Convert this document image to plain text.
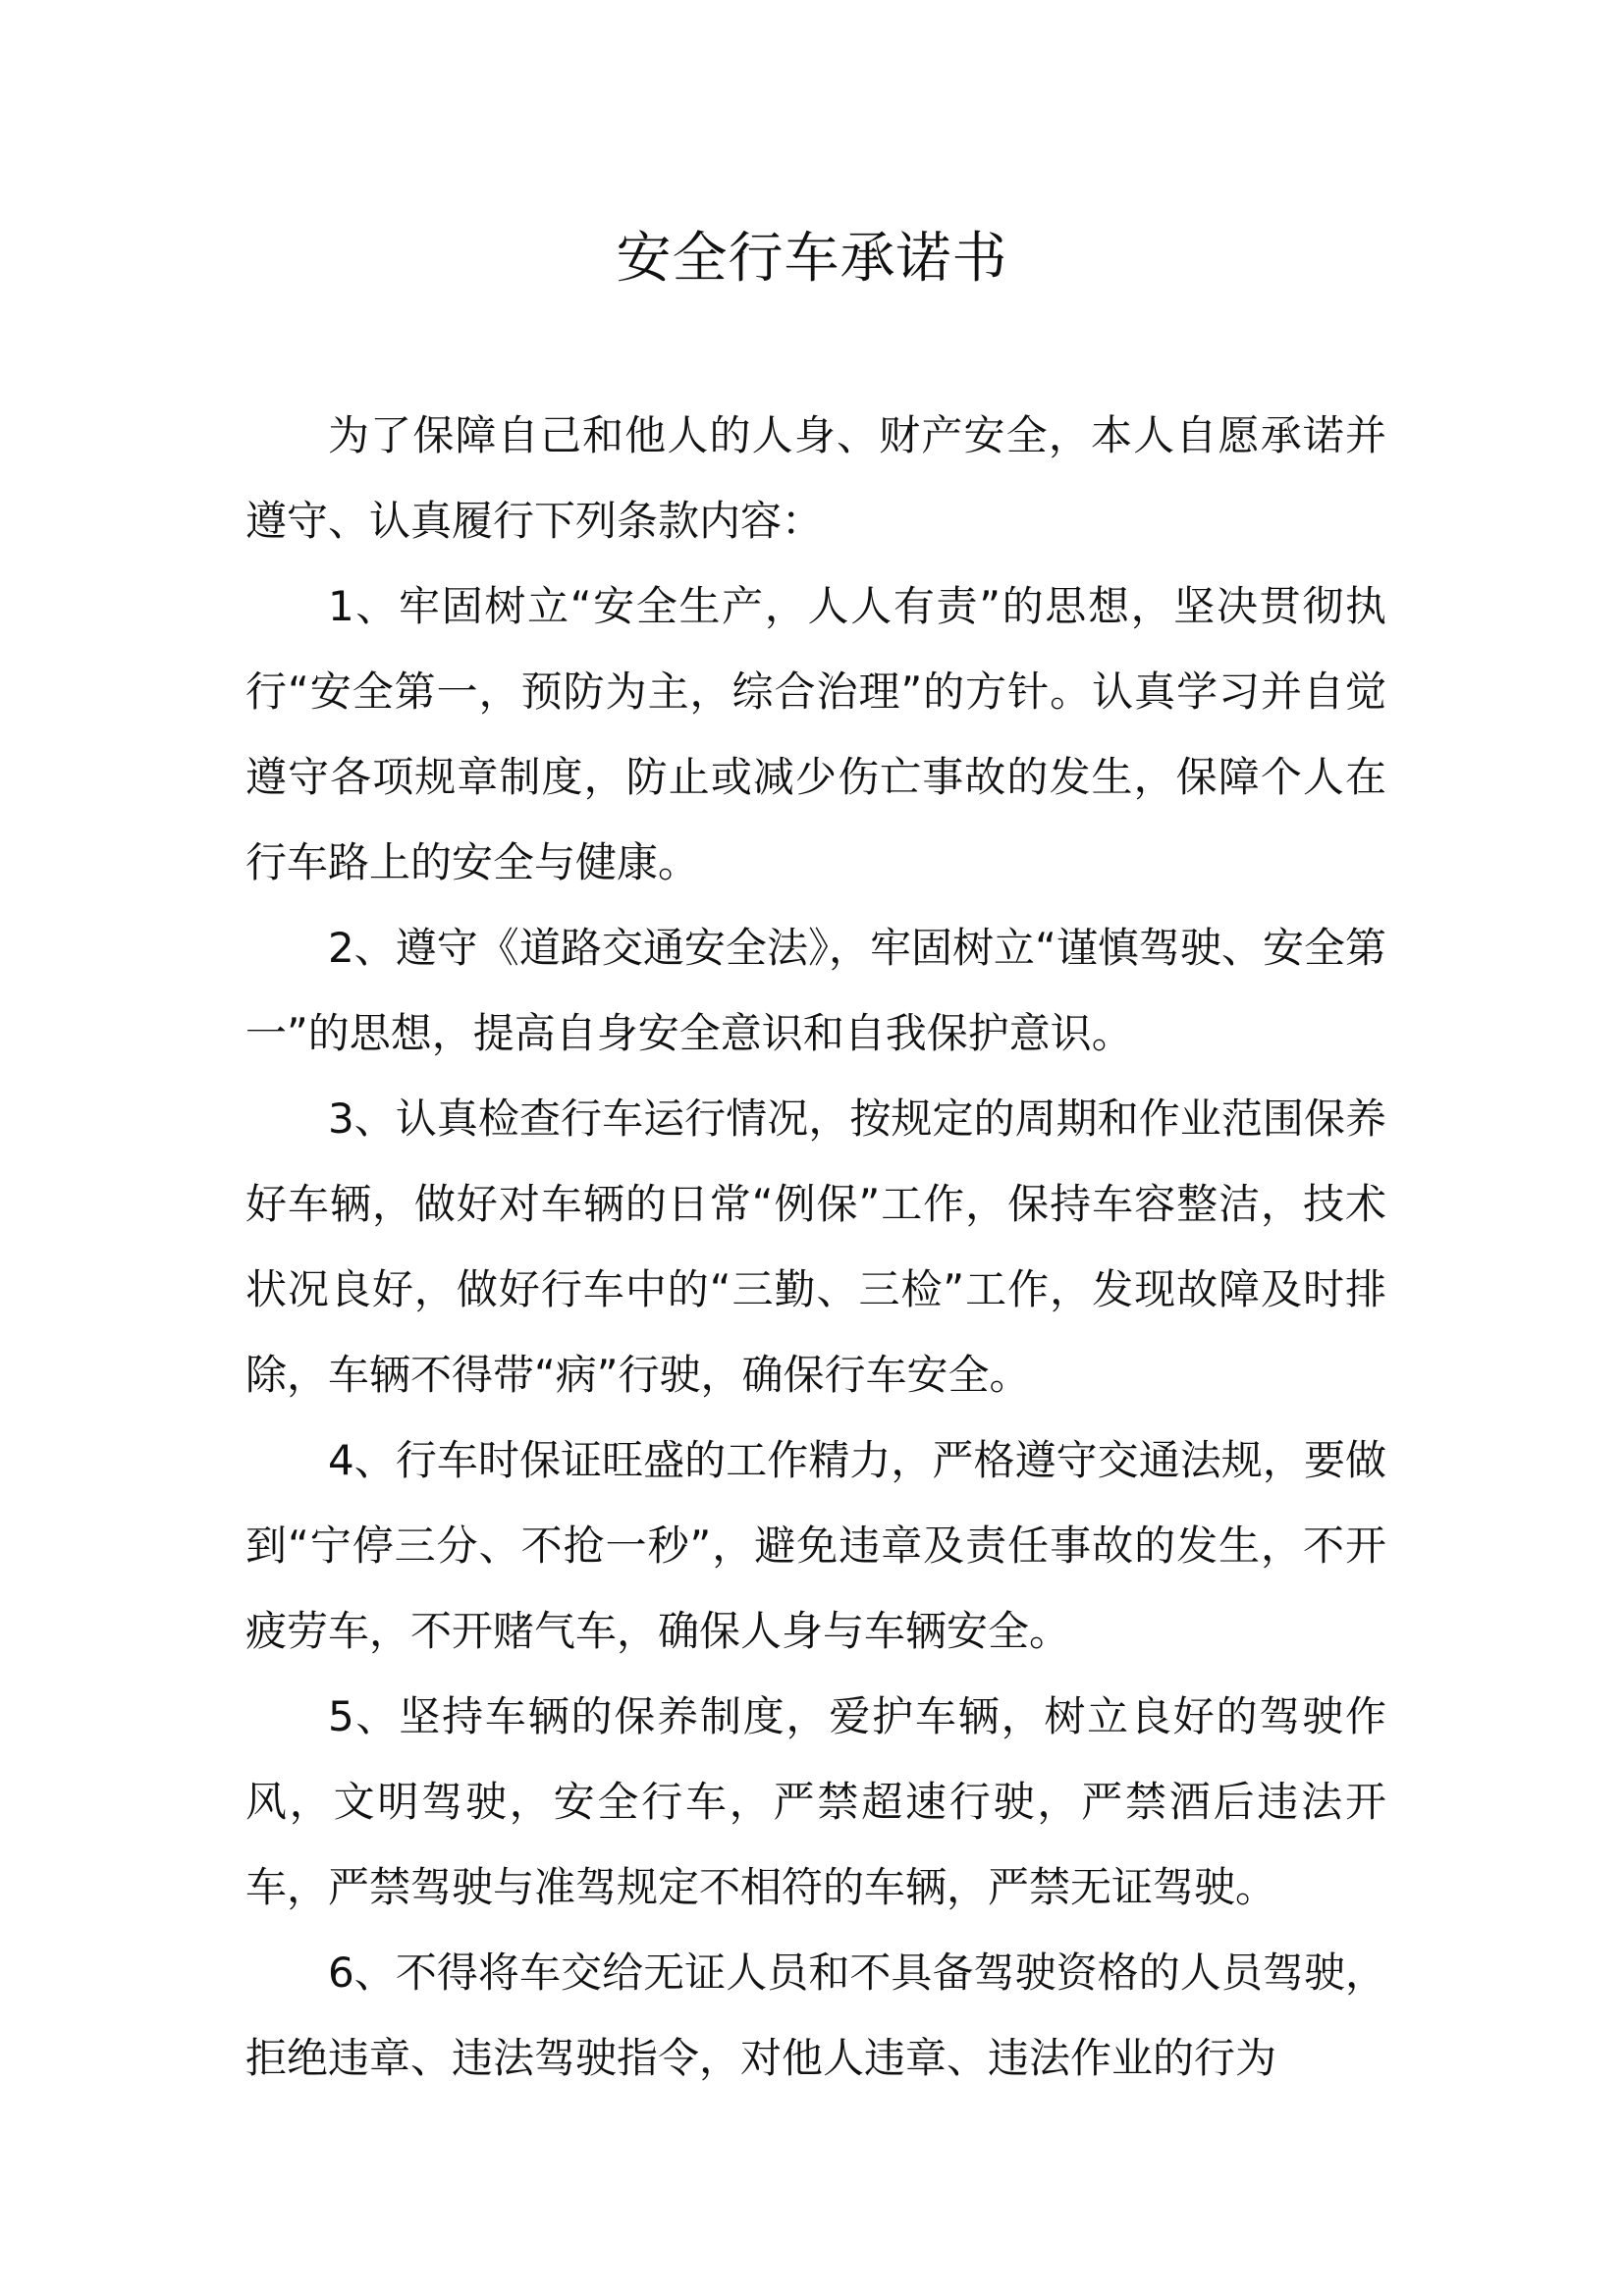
安全行车承诺书

为了保障自己和他人的人身、财产安全，本人自愿承诺并遵守、认真履行下列条款内容：

1、牢固树立“安全生产，人人有责”的思想，坚决贯彻执行“安全第一，预防为主，综合治理”的方针。认真学习并自觉遵守各项规章制度，防止或减少伤亡事故的发生，保障个人在行车路上的安全与健康。

2、遵守《道路交通安全法》，牢固树立“谨慎驾驶、安全第一”的思想，提高自身安全意识和自我保护意识。

3、认真检查行车运行情况，按规定的周期和作业范围保养好车辆，做好对车辆的日常“例保”工作，保持车容整洁，技术状况良好，做好行车中的“三勤、三检”工作，发现故障及时排除，车辆不得带“病”行驶，确保行车安全。

4、行车时保证旺盛的工作精力，严格遵守交通法规，要做到“宁停三分、不抢一秒”，避免违章及责任事故的发生，不开疲劳车，不开赌气车，确保人身与车辆安全。

5、坚持车辆的保养制度，爱护车辆，树立良好的驾驶作风，文明驾驶，安全行车，严禁超速行驶，严禁酒后违法开车，严禁驾驶与准驾规定不相符的车辆，严禁无证驾驶。

6、不得将车交给无证人员和不具备驾驶资格的人员驾驶，拒绝违章、违法驾驶指令，对他人违章、违法作业的行为
